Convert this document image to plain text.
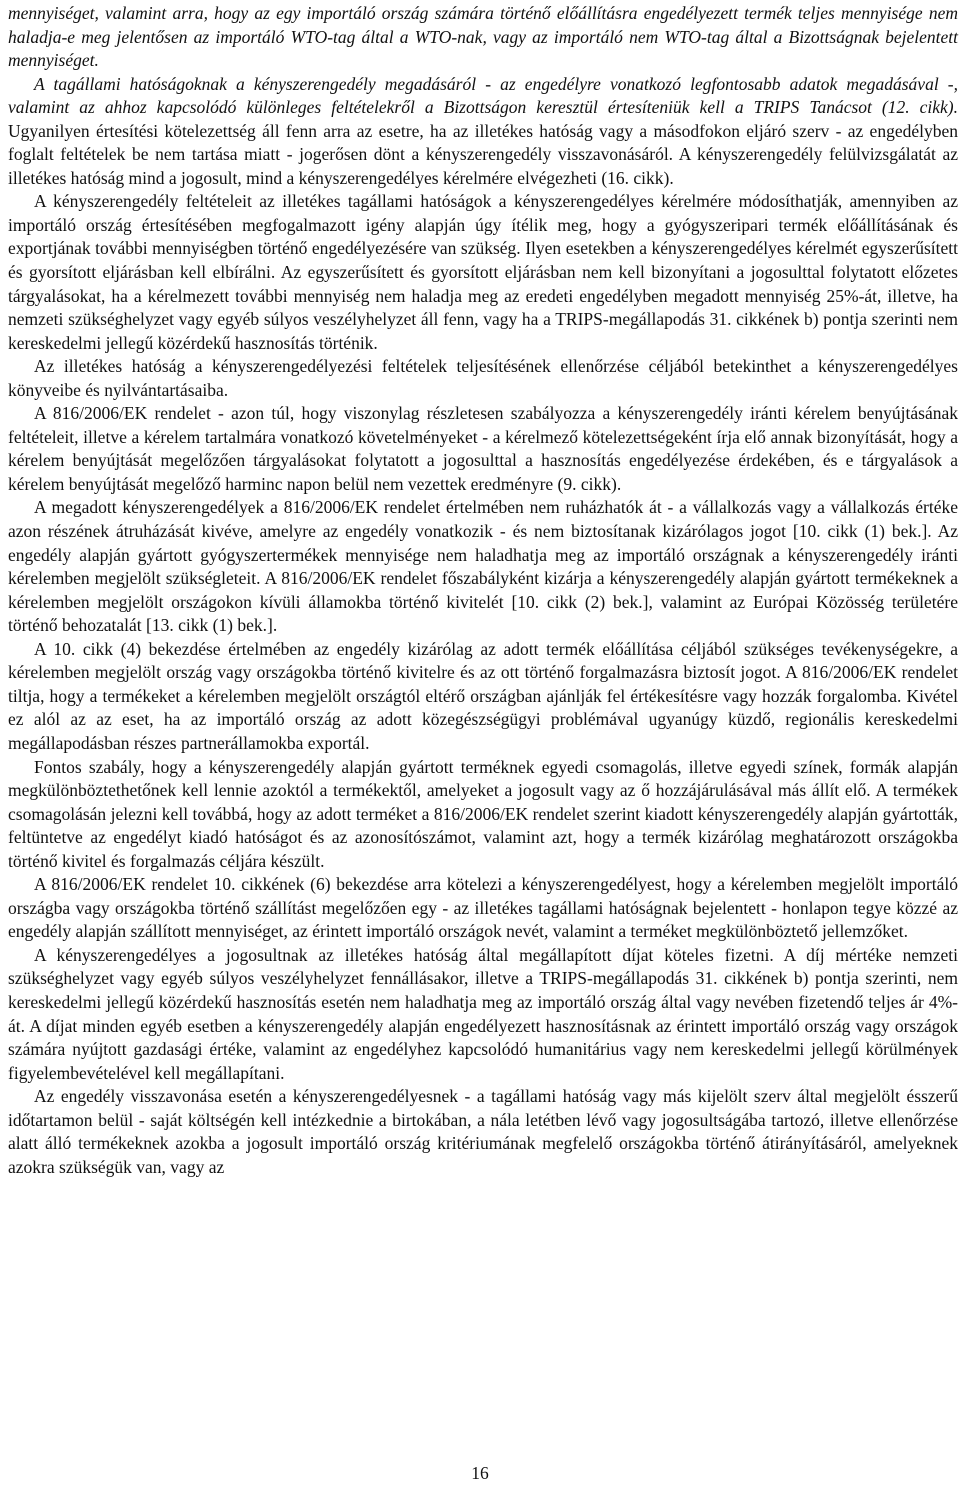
mennyiséget, valamint arra, hogy az egy importáló ország számára történő előállításra engedélyezett termék teljes mennyisége nem haladja-e meg jelentősen az importáló WTO-tag által a WTO-nak, vagy az importáló nem WTO-tag által a Bizottságnak bejelentett mennyiséget.

A tagállami hatóságoknak a kényszerengedély megadásáról - az engedélyre vonatkozó legfontosabb adatok megadásával -, valamint az ahhoz kapcsolódó különleges feltételekről a Bizottságon keresztül értesíteniük kell a TRIPS Tanácsot (12. cikk). Ugyanilyen értesítési kötelezettség áll fenn arra az esetre, ha az illetékes hatóság vagy a másodfokon eljáró szerv - az engedélyben foglalt feltételek be nem tartása miatt - jogerősen dönt a kényszerengedély visszavonásáról. A kényszerengedély felülvizsgálatát az illetékes hatóság mind a jogosult, mind a kényszerengedélyes kérelmére elvégezheti (16. cikk).

A kényszerengedély feltételeit az illetékes tagállami hatóságok a kényszerengedélyes kérelmére módosíthatják, amennyiben az importáló ország értesítésében megfogalmazott igény alapján úgy ítélik meg, hogy a gyógyszeripari termék előállításának és exportjának további mennyiségben történő engedélyezésére van szükség. Ilyen esetekben a kényszerengedélyes kérelmét egyszerűsített és gyorsított eljárásban kell elbírálni. Az egyszerűsített és gyorsított eljárásban nem kell bizonyítani a jogosulttal folytatott előzetes tárgyalásokat, ha a kérelmezett további mennyiség nem haladja meg az eredeti engedélyben megadott mennyiség 25%-át, illetve, ha nemzeti szükséghelyzet vagy egyéb súlyos veszélyhelyzet áll fenn, vagy ha a TRIPS-megállapodás 31. cikkének b) pontja szerinti nem kereskedelmi jellegű közérdekű hasznosítás történik.

Az illetékes hatóság a kényszerengedélyezési feltételek teljesítésének ellenőrzése céljából betekinthet a kényszerengedélyes könyveibe és nyilvántartásaiba.

A 816/2006/EK rendelet - azon túl, hogy viszonylag részletesen szabályozza a kényszerengedély iránti kérelem benyújtásának feltételeit, illetve a kérelem tartalmára vonatkozó követelményeket - a kérelmező kötelezettségeként írja elő annak bizonyítását, hogy a kérelem benyújtását megelőzően tárgyalásokat folytatott a jogosulttal a hasznosítás engedélyezése érdekében, és e tárgyalások a kérelem benyújtását megelőző harminc napon belül nem vezettek eredményre (9. cikk).

A megadott kényszerengedélyek a 816/2006/EK rendelet értelmében nem ruházhatók át - a vállalkozás vagy a vállalkozás értéke azon részének átruházását kivéve, amelyre az engedély vonatkozik - és nem biztosítanak kizárólagos jogot [10. cikk (1) bek.]. Az engedély alapján gyártott gyógyszertermékek mennyisége nem haladhatja meg az importáló országnak a kényszerengedély iránti kérelemben megjelölt szükségleteit. A 816/2006/EK rendelet főszabályként kizárja a kényszerengedély alapján gyártott termékeknek a kérelemben megjelölt országokon kívüli államokba történő kivitelét [10. cikk (2) bek.], valamint az Európai Közösség területére történő behozatalát [13. cikk (1) bek.].

A 10. cikk (4) bekezdése értelmében az engedély kizárólag az adott termék előállítása céljából szükséges tevékenységekre, a kérelemben megjelölt ország vagy országokba történő kivitelre és az ott történő forgalmazásra biztosít jogot. A 816/2006/EK rendelet tiltja, hogy a termékeket a kérelemben megjelölt országtól eltérő országban ajánlják fel értékesítésre vagy hozzák forgalomba. Kivétel ez alól az az eset, ha az importáló ország az adott közegészségügyi problémával ugyanúgy küzdő, regionális kereskedelmi megállapodásban részes partnerállamokba exportál.

Fontos szabály, hogy a kényszerengedély alapján gyártott terméknek egyedi csomagolás, illetve egyedi színek, formák alapján megkülönböztethetőnek kell lennie azoktól a termékektől, amelyeket a jogosult vagy az ő hozzájárulásával más állít elő. A termékek csomagolásán jelezni kell továbbá, hogy az adott terméket a 816/2006/EK rendelet szerint kiadott kényszerengedély alapján gyártották, feltüntetve az engedélyt kiadó hatóságot és az azonosítószámot, valamint azt, hogy a termék kizárólag meghatározott országokba történő kivitel és forgalmazás céljára készült.

A 816/2006/EK rendelet 10. cikkének (6) bekezdése arra kötelezi a kényszerengedélyest, hogy a kérelemben megjelölt importáló országba vagy országokba történő szállítást megelőzően egy - az illetékes tagállami hatóságnak bejelentett - honlapon tegye közzé az engedély alapján szállított mennyiséget, az érintett importáló országok nevét, valamint a terméket megkülönböztető jellemzőket.

A kényszerengedélyes a jogosultnak az illetékes hatóság által megállapított díjat köteles fizetni. A díj mértéke nemzeti szükséghelyzet vagy egyéb súlyos veszélyhelyzet fennállásakor, illetve a TRIPS-megállapodás 31. cikkének b) pontja szerinti, nem kereskedelmi jellegű közérdekű hasznosítás esetén nem haladhatja meg az importáló ország által vagy nevében fizetendő teljes ár 4%-át. A díjat minden egyéb esetben a kényszerengedély alapján engedélyezett hasznosításnak az érintett importáló ország vagy országok számára nyújtott gazdasági értéke, valamint az engedélyhez kapcsolódó humanitárius vagy nem kereskedelmi jellegű körülmények figyelembevételével kell megállapítani.

Az engedély visszavonása esetén a kényszerengedélyesnek - a tagállami hatóság vagy más kijelölt szerv által megjelölt ésszerű időtartamon belül - saját költségén kell intézkednie a birtokában, a nála letétben lévő vagy jogosultságába tartozó, illetve ellenőrzése alatt álló termékeknek azokba a jogosult importáló ország kritériumának megfelelő országokba történő átirányításáról, amelyeknek azokra szükségük van, vagy az

16
